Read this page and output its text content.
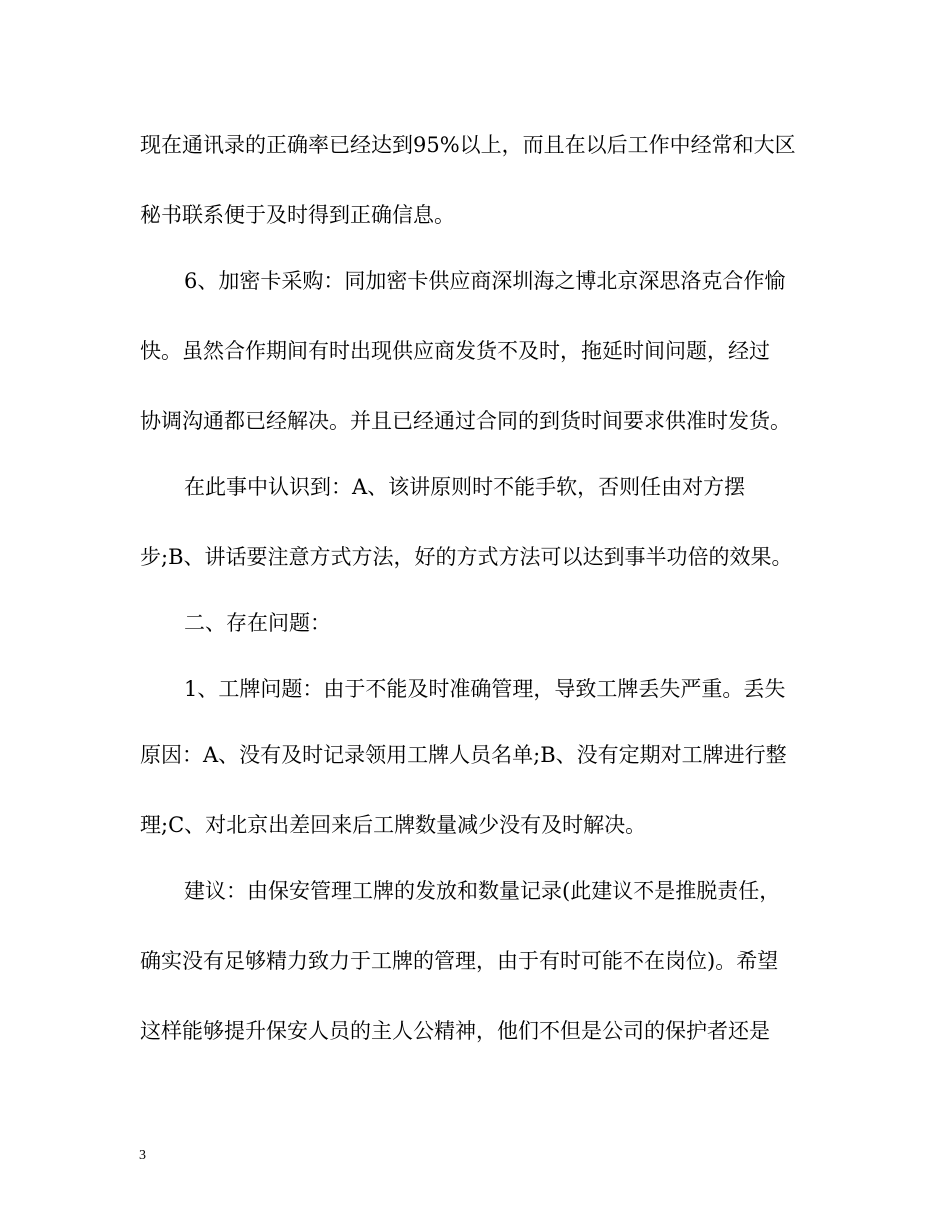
现在通讯录的正确率已经达到95%以上，而且在以后工作中经常和大区
秘书联系便于及时得到正确信息。
6、加密卡采购：同加密卡供应商深圳海之博北京深思洛克合作愉
快。虽然合作期间有时出现供应商发货不及时，拖延时间问题，经过
协调沟通都已经解决。并且已经通过合同的到货时间要求供准时发货。
在此事中认识到：A、该讲原则时不能手软，否则任由对方摆
步;B、讲话要注意方式方法，好的方式方法可以达到事半功倍的效果。
二、存在问题：
1、工牌问题：由于不能及时准确管理，导致工牌丢失严重。丢失
原因：A、没有及时记录领用工牌人员名单;B、没有定期对工牌进行整
理;C、对北京出差回来后工牌数量减少没有及时解决。
建议：由保安管理工牌的发放和数量记录(此建议不是推脱责任，
确实没有足够精力致力于工牌的管理，由于有时可能不在岗位)。希望
这样能够提升保安人员的主人公精神，他们不但是公司的保护者还是
3
